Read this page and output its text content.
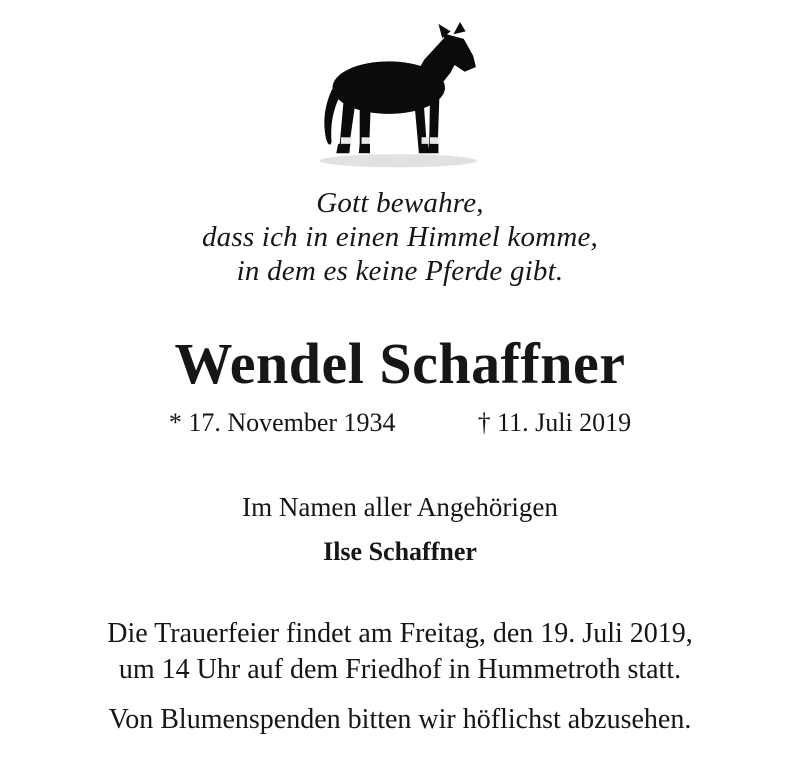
Gott bewahre,
dass ich in einen Himmel komme,
in dem es keine Pferde gibt.
Wendel Schaffner
* 17. November 1934	† 11. Juli 2019
Im Namen aller Angehörigen
Ilse Schaffner
Die Trauerfeier findet am Freitag, den 19. Juli 2019,
um 14 Uhr auf dem Friedhof in Hummetroth statt.
Von Blumenspenden bitten wir höflichst abzusehen.
